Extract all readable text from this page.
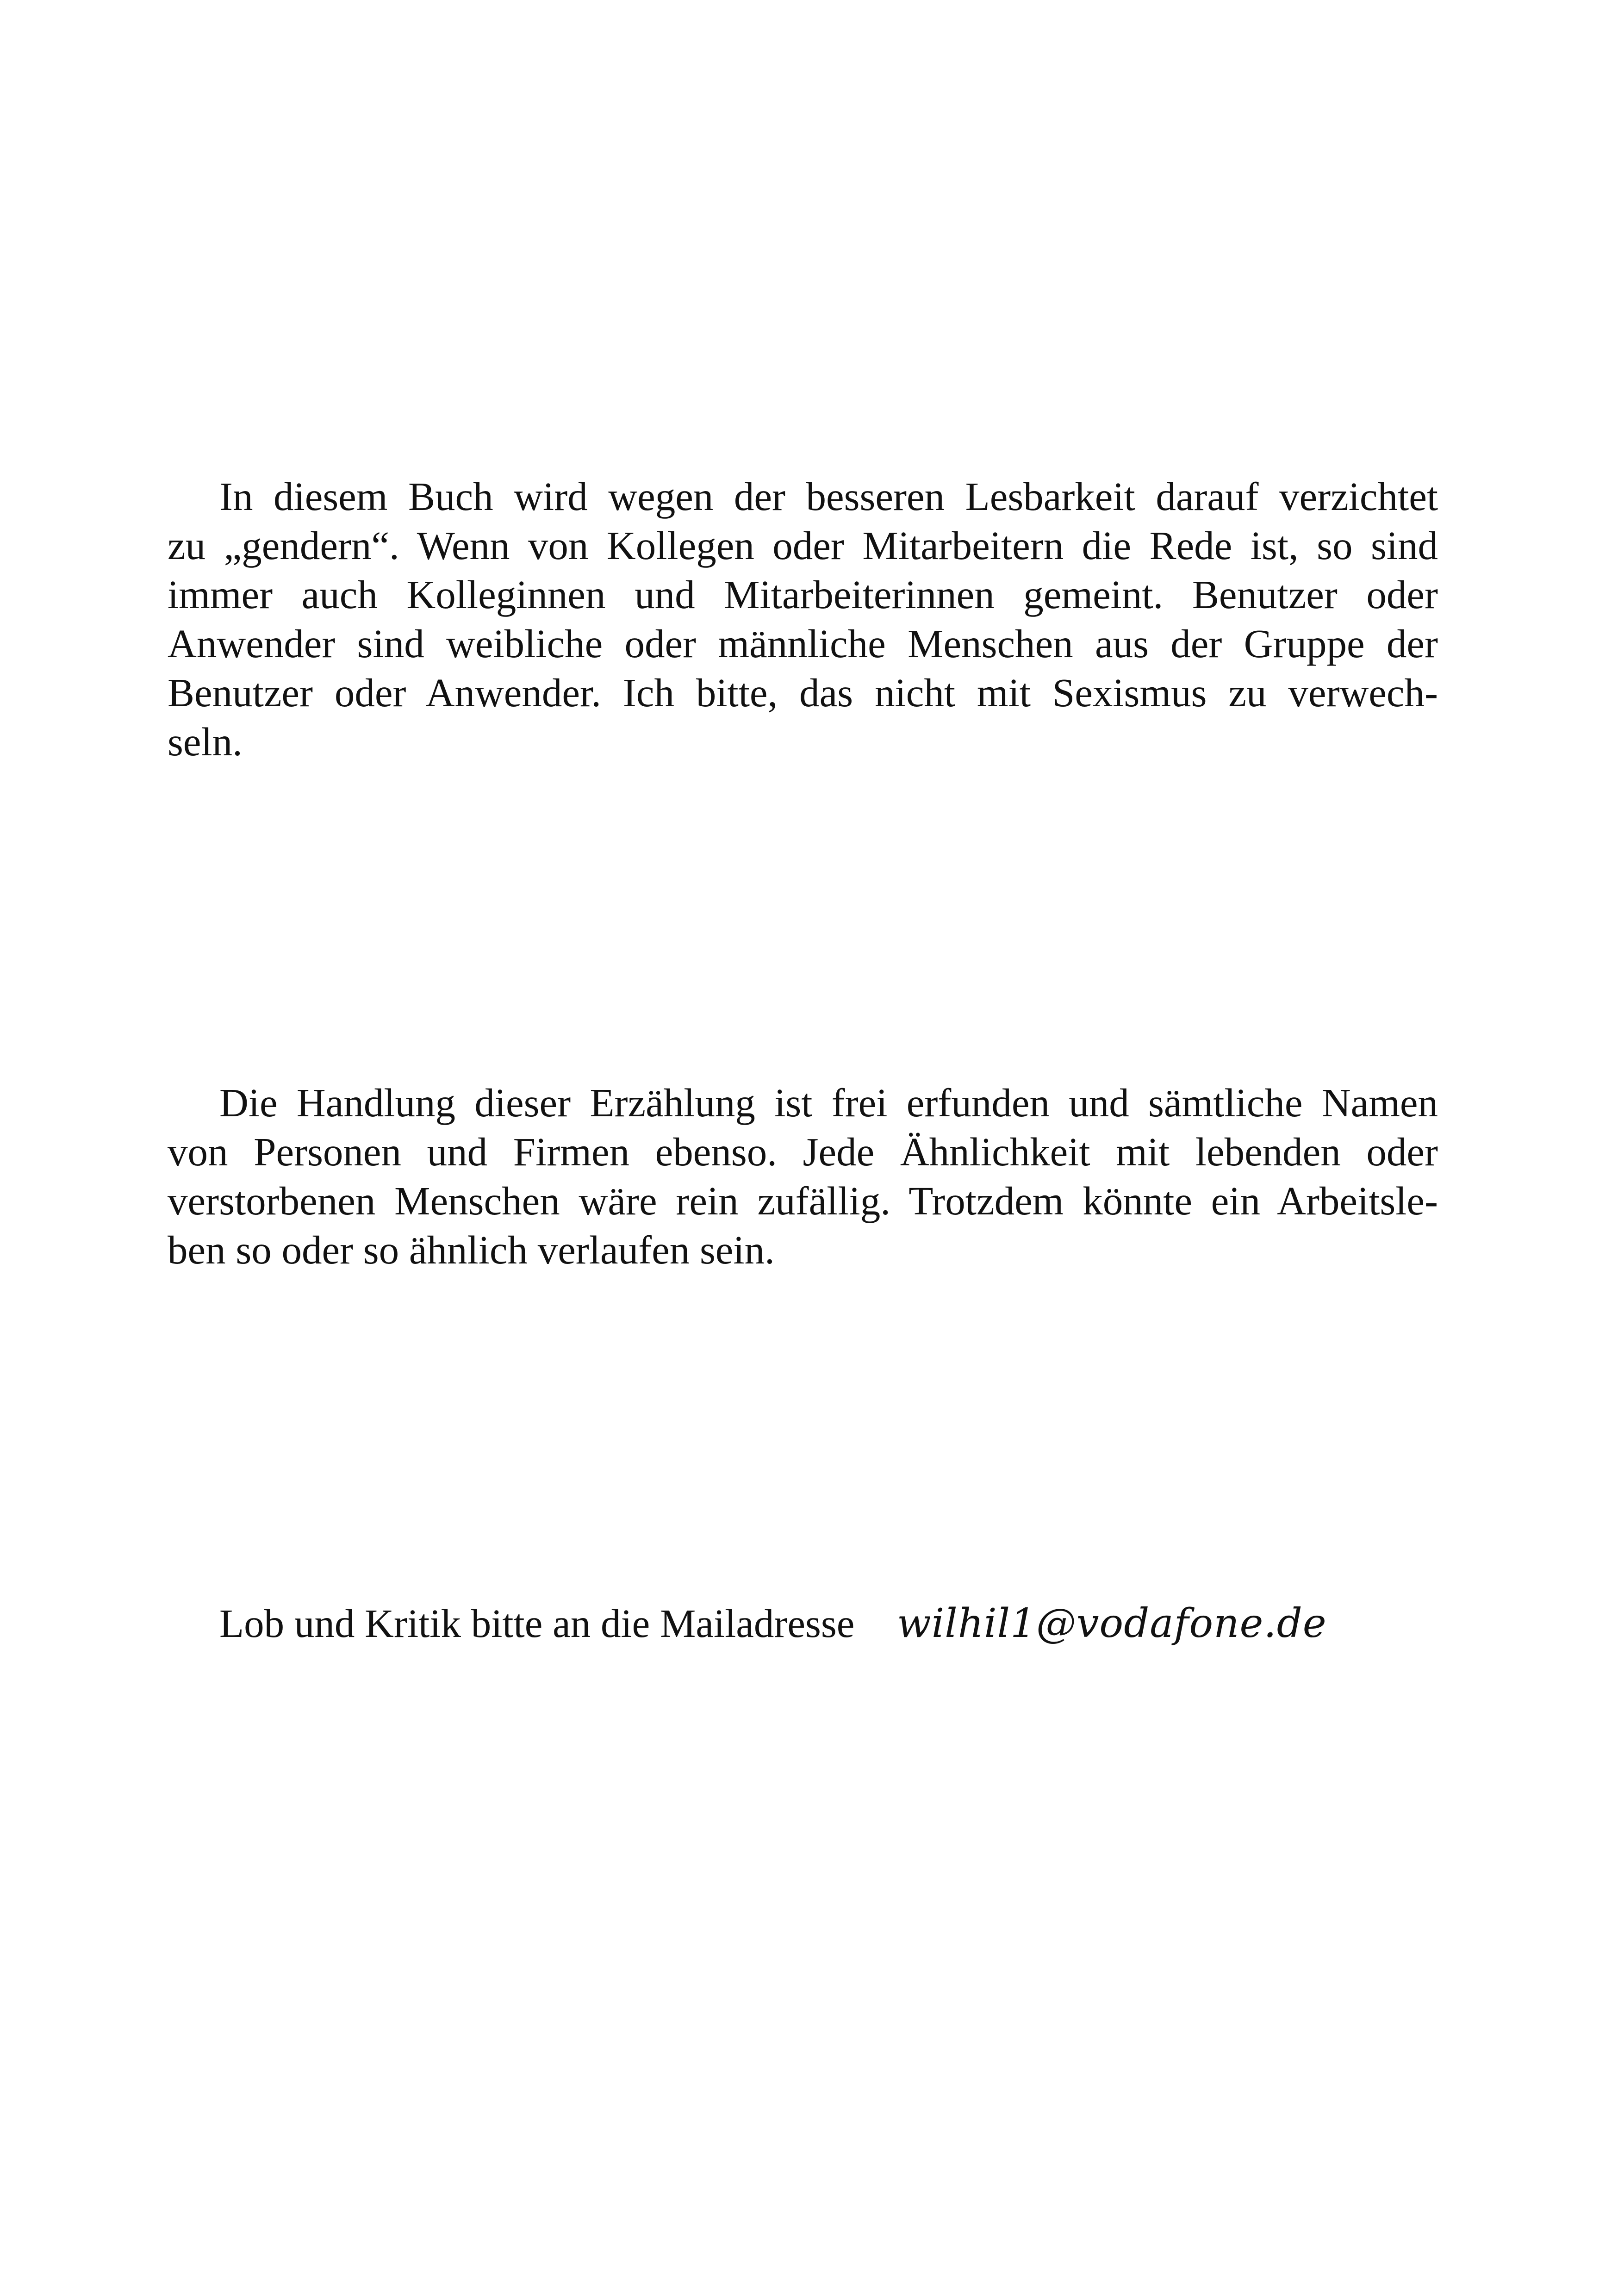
In diesem Buch wird wegen der besseren Lesbarkeit darauf verzichtet
zu „gendern“. Wenn von Kollegen oder Mitarbeitern die Rede ist, so sind
immer auch Kolleginnen und Mitarbeiterinnen gemeint. Benutzer oder
Anwender sind weibliche oder männliche Menschen aus der Gruppe der
Benutzer oder Anwender. Ich bitte, das nicht mit Sexismus zu verwech-
seln.

Die Handlung dieser Erzählung ist frei erfunden und sämtliche Namen
von Personen und Firmen ebenso. Jede Ähnlichkeit mit lebenden oder
verstorbenen Menschen wäre rein zufällig. Trotzdem könnte ein Arbeitsle-
ben so oder so ähnlich verlaufen sein.

Lob und Kritik bitte an die Mailadresse wilhil1@vodafone.de
